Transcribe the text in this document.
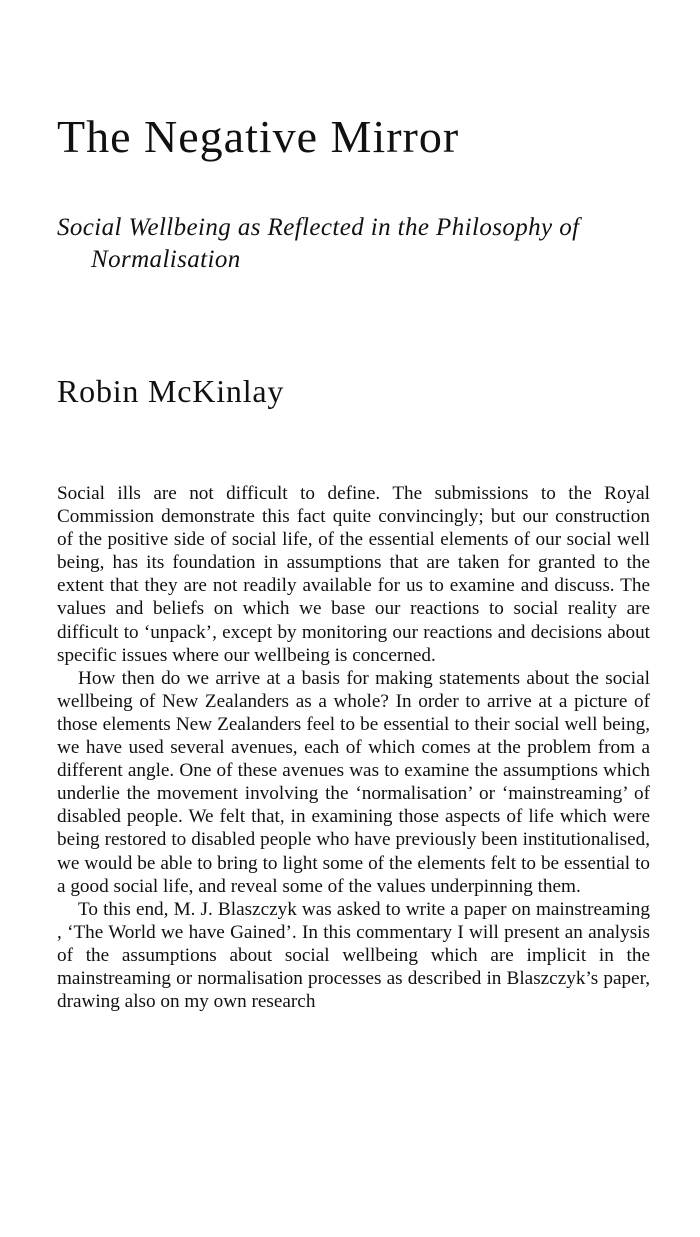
The Negative Mirror
Social Wellbeing as Reflected in the Philosophy of Normalisation
Robin McKinlay

Social ills are not difficult to define. The submissions to the Royal Commission demonstrate this fact quite convincingly; but our construction of the positive side of social life, of the essential elements of our social well being, has its foundation in assumptions that are taken for granted to the extent that they are not readily available for us to examine and discuss. The values and beliefs on which we base our reactions to social reality are difficult to ‘unpack’, except by monitoring our reactions and decisions about specific issues where our wellbeing is concerned.

How then do we arrive at a basis for making statements about the social wellbeing of New Zealanders as a whole? In order to arrive at a picture of those elements New Zealanders feel to be essential to their social well being, we have used several avenues, each of which comes at the problem from a different angle. One of these avenues was to examine the assumptions which underlie the movement involving the ‘normalisation’ or ‘mainstreaming’ of disabled people. We felt that, in examining those aspects of life which were being restored to disabled people who have previously been institutionalised, we would be able to bring to light some of the elements felt to be essential to a good social life, and reveal some of the values underpinning them.

To this end, M. J. Blaszczyk was asked to write a paper on mainstreaming , ‘The World we have Gained’. In this commentary I will present an analysis of the assumptions about social wellbeing which are implicit in the mainstreaming or normalisation processes as described in Blaszczyk’s paper, drawing also on my own research
